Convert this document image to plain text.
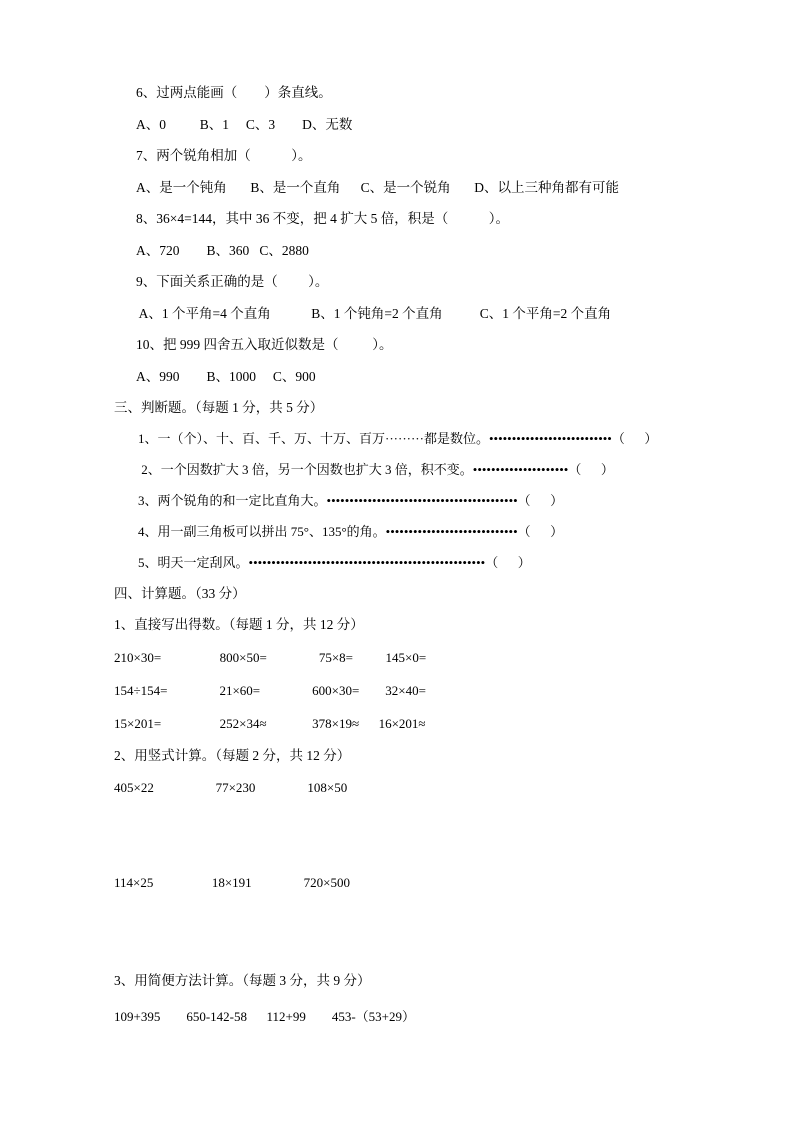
6、过两点能画（        ）条直线。
A、0          B、1     C、3        D、无数
7、两个锐角相加（            ）。
A、是一个钝角       B、是一个直角      C、是一个锐角       D、以上三种角都有可能
8、36×4=144，其中 36 不变，把 4 扩大 5 倍，积是（            ）。
A、720        B、360   C、2880
9、下面关系正确的是（         ）。
A、1 个平角=4 个直角            B、1 个钝角=2 个直角           C、1 个平角=2 个直角
10、把 999 四舍五入取近似数是（          ）。
A、990        B、1000     C、900
三、判断题。（每题 1 分，共 5 分）
1、一（个）、十、百、千、万、十万、百万·········都是数位。•••••••••••••••••••••••••••（      ）
2、一个因数扩大 3 倍，另一个因数也扩大 3 倍，积不变。•••••••••••••••••••••（      ）
3、两个锐角的和一定比直角大。••••••••••••••••••••••••••••••••••••••••••（      ）
4、用一副三角板可以拼出 75°、135°的角。•••••••••••••••••••••••••••••（      ）
5、明天一定刮风。••••••••••••••••••••••••••••••••••••••••••••••••••••（      ）
四、计算题。（33 分）
1、直接写出得数。（每题 1 分，共 12 分）
210×30=                  800×50=                75×8=          145×0=
154÷154=                21×60=                600×30=        32×40=
15×201=                  252×34≈              378×19≈      16×201≈
2、用竖式计算。（每题 2 分，共 12 分）
405×22                   77×230                108×50
114×25                  18×191                720×500
3、用简便方法计算。（每题 3 分，共 9 分）
109+395        650-142-58      112+99        453-（53+29）
